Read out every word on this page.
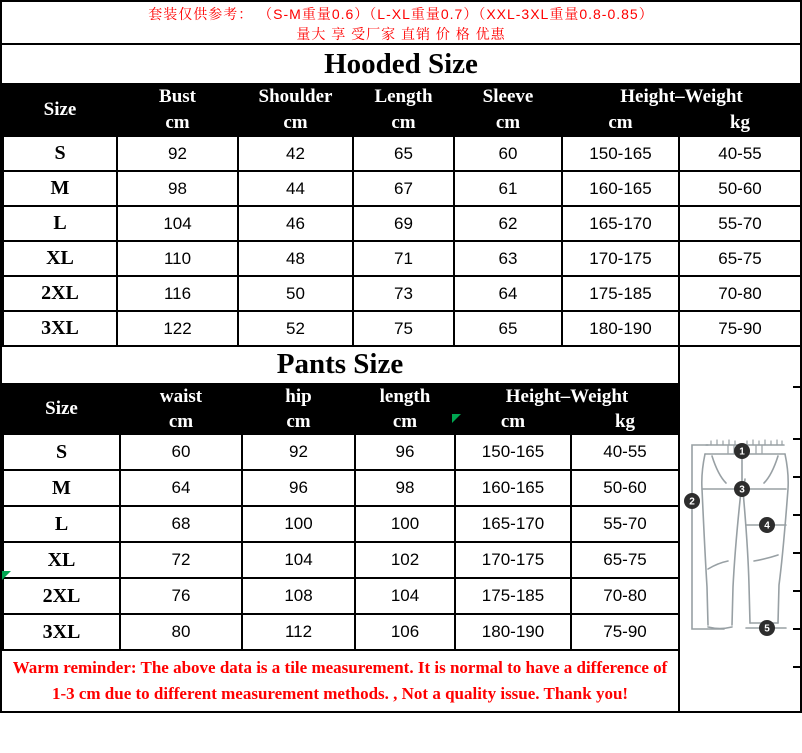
套装仅供参考： （S-M重量0.6）（L-XL重量0.7）（XXL-3XL重量0.8-0.85）
量大 享 受厂家 直销 价 格 优惠
Hooded Size
Size	Bust	Shoulder	Length	Sleeve	Height–Weight	
	cm	cm	cm	cm	cm	kg
S	92	42	65	60	150-165	40-55
M	98	44	67	61	160-165	50-60
L	104	46	69	62	165-170	55-70
XL	110	48	71	63	170-175	65-75
2XL	116	50	73	64	175-185	70-80
3XL	122	52	75	65	180-190	75-90
Pants Size
Size	waist	hip	length	Height–Weight	
	cm	cm	cm	cm	kg
S	60	92	96	150-165	40-55
M	64	96	98	160-165	50-60
L	68	100	100	165-170	55-70
XL	72	104	102	170-175	65-75
2XL	76	108	104	175-185	70-80
3XL	80	112	106	180-190	75-90
Warm reminder: The above data is a tile measurement. It is normal to have a difference of 1-3 cm due to different measurement methods. , Not a quality issue. Thank you!
1
2
3
4
5
